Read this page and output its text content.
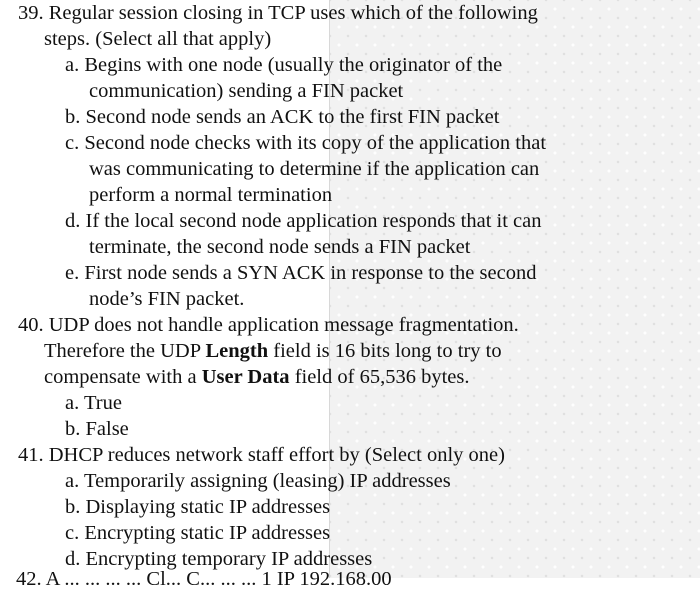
39. Regular session closing in TCP uses which of the following
steps. (Select all that apply)
a. Begins with one node (usually the originator of the
communication) sending a FIN packet
b. Second node sends an ACK to the first FIN packet
c. Second node checks with its copy of the application that
was communicating to determine if the application can
perform a normal termination
d. If the local second node application responds that it can
terminate, the second node sends a FIN packet
e. First node sends a SYN ACK in response to the second
node’s FIN packet.
40. UDP does not handle application message fragmentation.
Therefore the UDP Length field is 16 bits long to try to
compensate with a User Data field of 65,536 bytes.
a. True
b. False
41. DHCP reduces network staff effort by (Select only one)
a. Temporarily assigning (leasing) IP addresses
b. Displaying static IP addresses
c. Encrypting static IP addresses
d. Encrypting temporary IP addresses
42. A ... ... ... ... Cl... C... ... ... 1 IP 192.168.00
